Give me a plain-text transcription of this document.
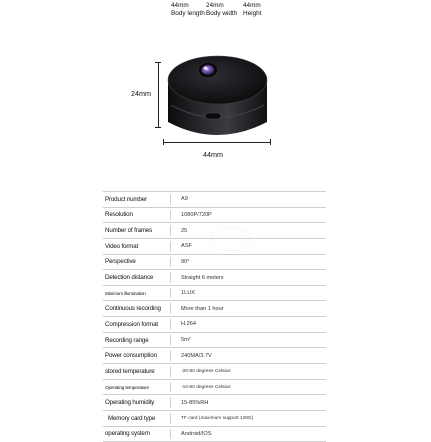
44mm
Body length
24mm
Body width
44mm
Height
24mm
44mm
Product number	A9
Resolution	1080P/720P
Number of frames	25
Video format	ASF
Perspective	90°
Detection distance	Straight 6 meters
Minimum illumination	1LUX
Continuous recording	More than 1 hour
Compression format	H.264
Recording range	5m²
Power consumption	240MA/3.7V
stored temperature	-20-80 degrees Celsius
Operating temperature	-10-60 degrees Celsius
Operating humidity	15-85%RH
Memory card type	TF card (maximum support 128G)
operating system	Android/IOS
